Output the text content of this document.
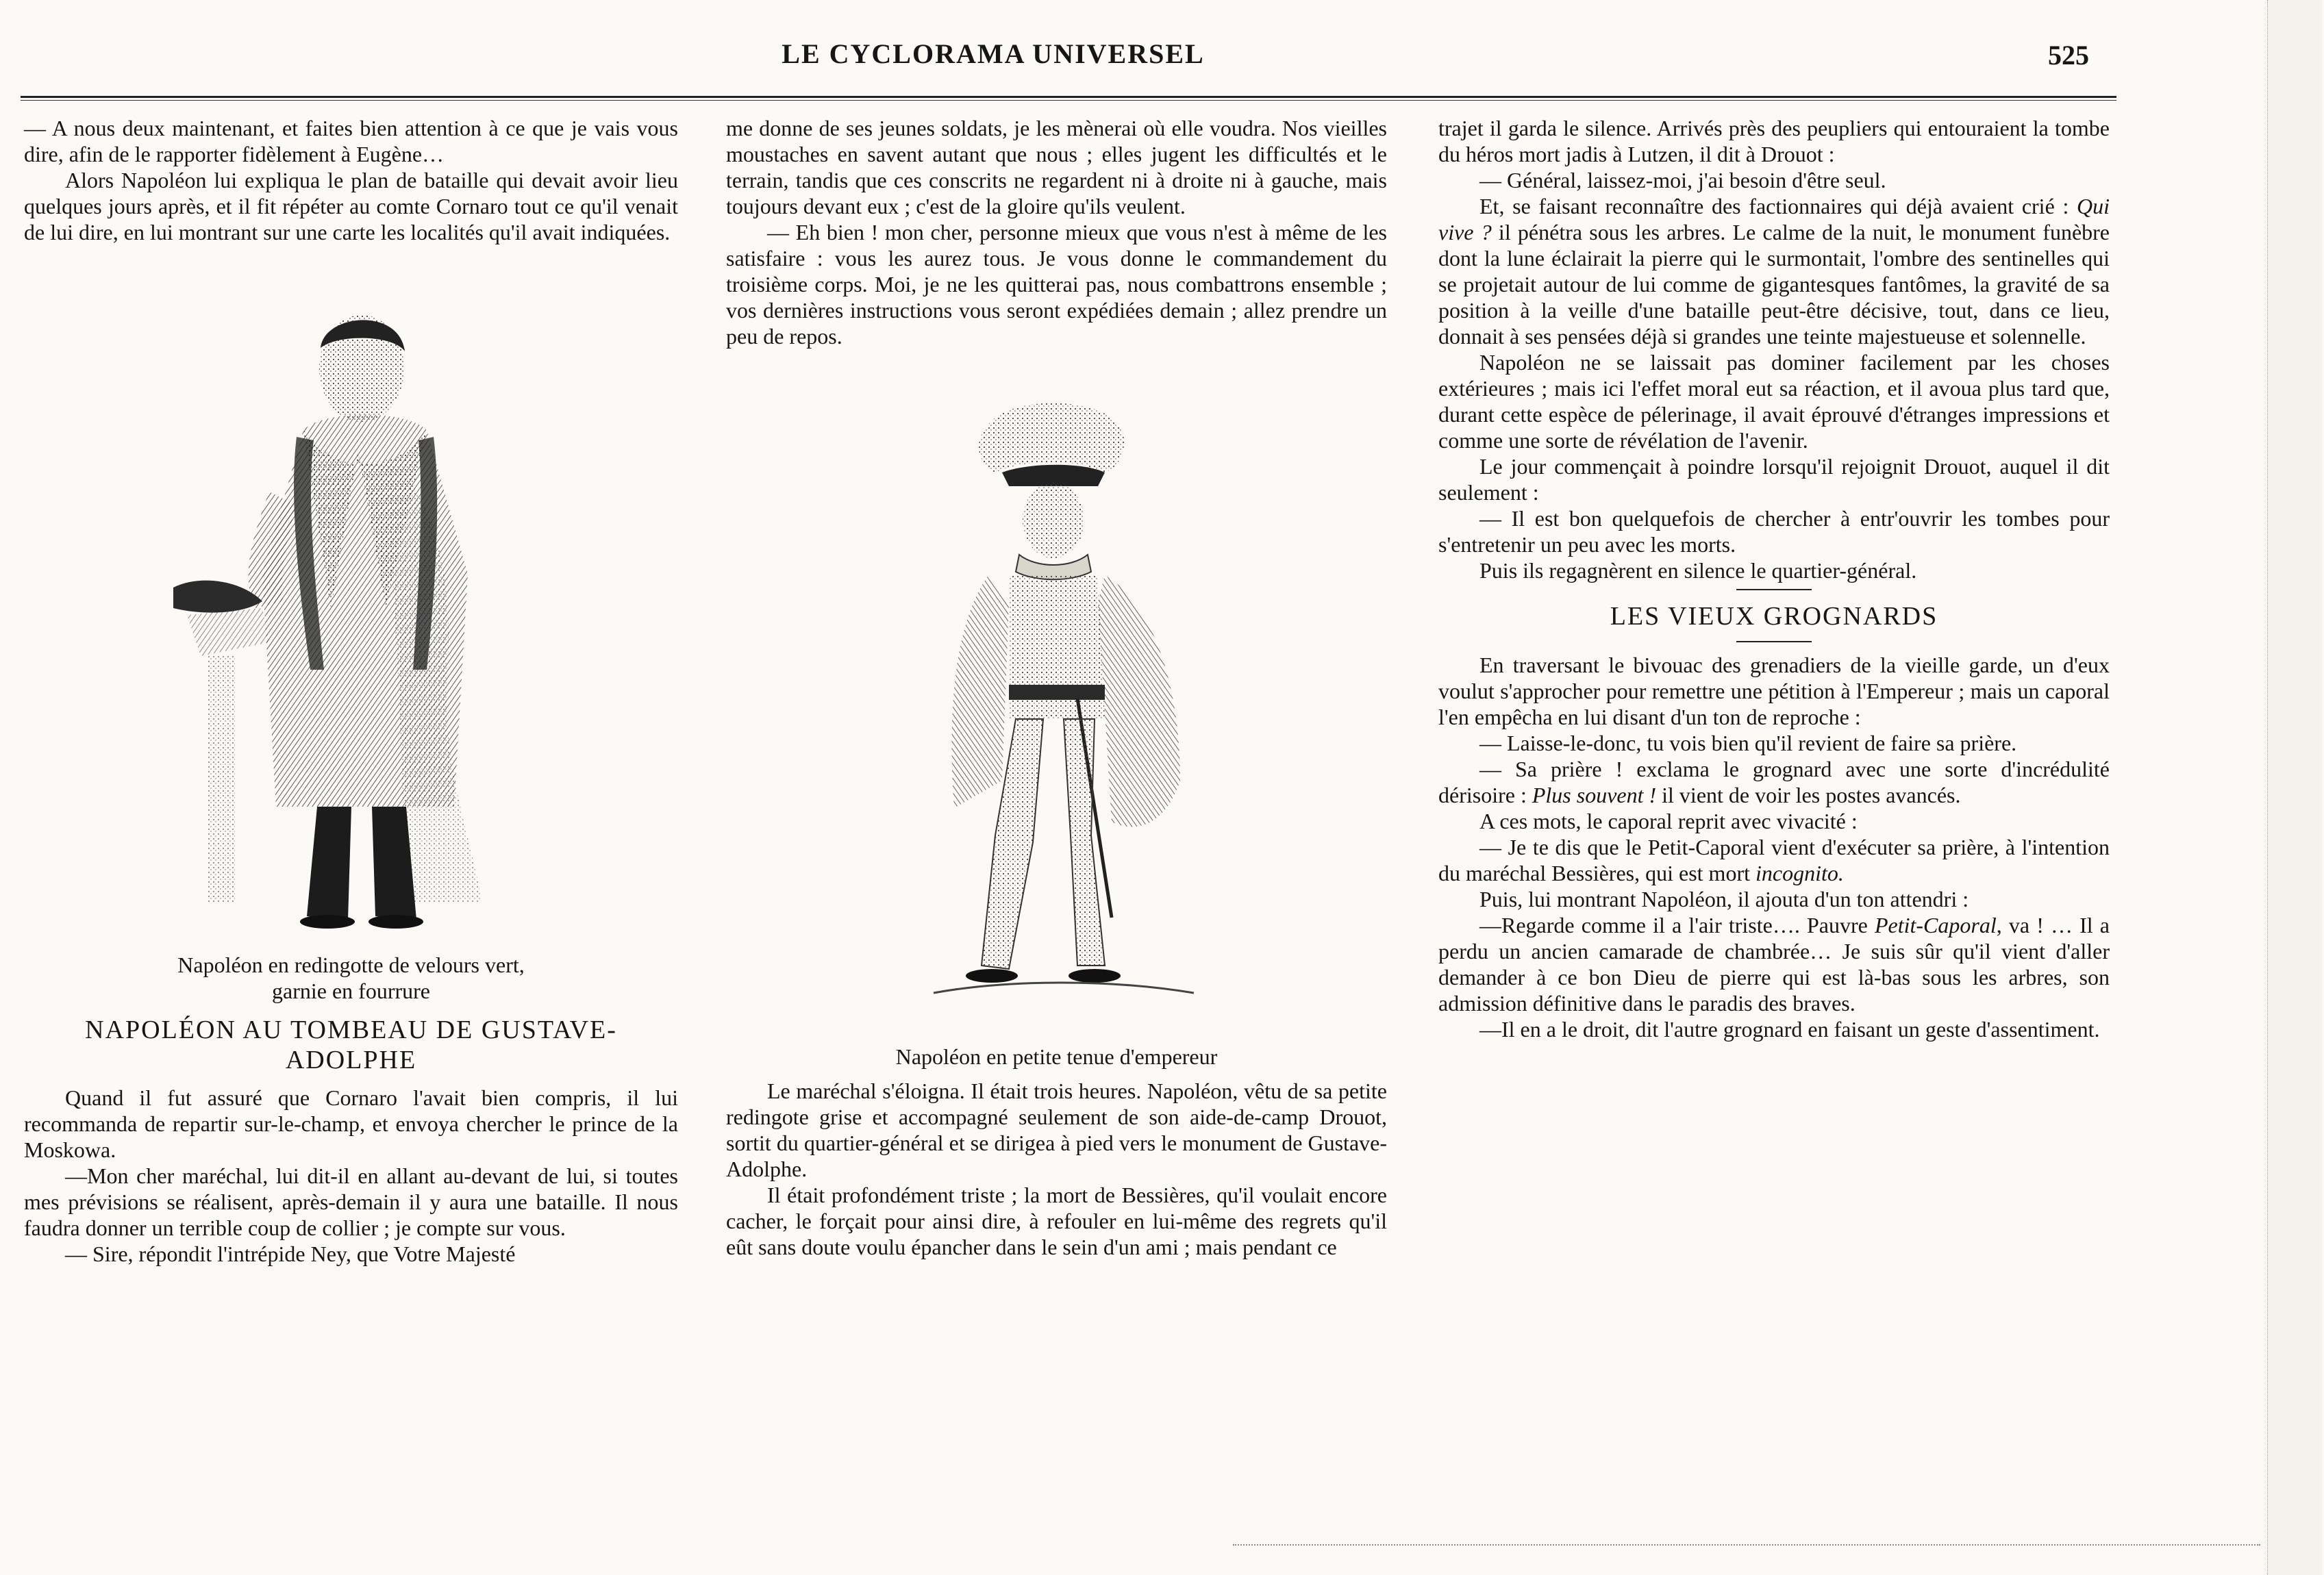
LE CYCLORAMA UNIVERSEL	525

— A nous deux maintenant, et faites bien attention à ce que je vais vous dire, afin de le rapporter fidèlement à Eugène…

Alors Napoléon lui expliqua le plan de bataille qui devait avoir lieu quelques jours après, et il fit répéter au comte Cornaro tout ce qu'il venait de lui dire, en lui montrant sur une carte les localités qu'il avait indiquées.

Napoléon en redingotte de velours vert,
garnie en fourrure
NAPOLÉON AU TOMBEAU DE GUSTAVE-ADOLPHE

Quand il fut assuré que Cornaro l'avait bien compris, il lui recommanda de repartir sur-le-champ, et envoya chercher le prince de la Moskowa.

—Mon cher maréchal, lui dit-il en allant au-devant de lui, si toutes mes prévisions se réalisent, après-demain il y aura une bataille. Il nous faudra donner un terrible coup de collier ; je compte sur vous.

— Sire, répondit l'intrépide Ney, que Votre Majesté

me donne de ses jeunes soldats, je les mènerai où elle voudra. Nos vieilles moustaches en savent autant que nous ; elles jugent les difficultés et le terrain, tandis que ces conscrits ne regardent ni à droite ni à gauche, mais toujours devant eux ; c'est de la gloire qu'ils veulent.

— Eh bien ! mon cher, personne mieux que vous n'est à même de les satisfaire : vous les aurez tous. Je vous donne le commandement du troisième corps. Moi, je ne les quitterai pas, nous combattrons ensemble ; vos dernières instructions vous seront expédiées demain ; allez prendre un peu de repos.

Napoléon en petite tenue d'empereur

Le maréchal s'éloigna. Il était trois heures. Napoléon, vêtu de sa petite redingote grise et accompagné seulement de son aide-de-camp Drouot, sortit du quartier-général et se dirigea à pied vers le monument de Gustave-Adolphe.

Il était profondément triste ; la mort de Bessières, qu'il voulait encore cacher, le forçait pour ainsi dire, à refouler en lui-même des regrets qu'il eût sans doute voulu épancher dans le sein d'un ami ; mais pendant ce

trajet il garda le silence. Arrivés près des peupliers qui entouraient la tombe du héros mort jadis à Lutzen, il dit à Drouot :

— Général, laissez-moi, j'ai besoin d'être seul.

Et, se faisant reconnaître des factionnaires qui déjà avaient crié : Qui vive ? il pénétra sous les arbres. Le calme de la nuit, le monument funèbre dont la lune éclairait la pierre qui le surmontait, l'ombre des sentinelles qui se projetait autour de lui comme de gigantesques fantômes, la gravité de sa position à la veille d'une bataille peut-être décisive, tout, dans ce lieu, donnait à ses pensées déjà si grandes une teinte majestueuse et solennelle.

Napoléon ne se laissait pas dominer facilement par les choses extérieures ; mais ici l'effet moral eut sa réaction, et il avoua plus tard que, durant cette espèce de pélerinage, il avait éprouvé d'étranges impressions et comme une sorte de révélation de l'avenir.

Le jour commençait à poindre lorsqu'il rejoignit Drouot, auquel il dit seulement :

— Il est bon quelquefois de chercher à entr'ouvrir les tombes pour s'entretenir un peu avec les morts.

Puis ils regagnèrent en silence le quartier-général.

LES VIEUX GROGNARDS

En traversant le bivouac des grenadiers de la vieille garde, un d'eux voulut s'approcher pour remettre une pétition à l'Empereur ; mais un caporal l'en empêcha en lui disant d'un ton de reproche :

— Laisse-le-donc, tu vois bien qu'il revient de faire sa prière.

— Sa prière ! exclama le grognard avec une sorte d'incrédulité dérisoire : Plus souvent ! il vient de voir les postes avancés.

A ces mots, le caporal reprit avec vivacité :

— Je te dis que le Petit-Caporal vient d'exécuter sa prière, à l'intention du maréchal Bessières, qui est mort incognito.

Puis, lui montrant Napoléon, il ajouta d'un ton attendri :

—Regarde comme il a l'air triste…. Pauvre Petit-Caporal, va ! … Il a perdu un ancien camarade de chambrée… Je suis sûr qu'il vient d'aller demander à ce bon Dieu de pierre qui est là-bas sous les arbres, son admission définitive dans le paradis des braves.

—Il en a le droit, dit l'autre grognard en faisant un geste d'assentiment.
